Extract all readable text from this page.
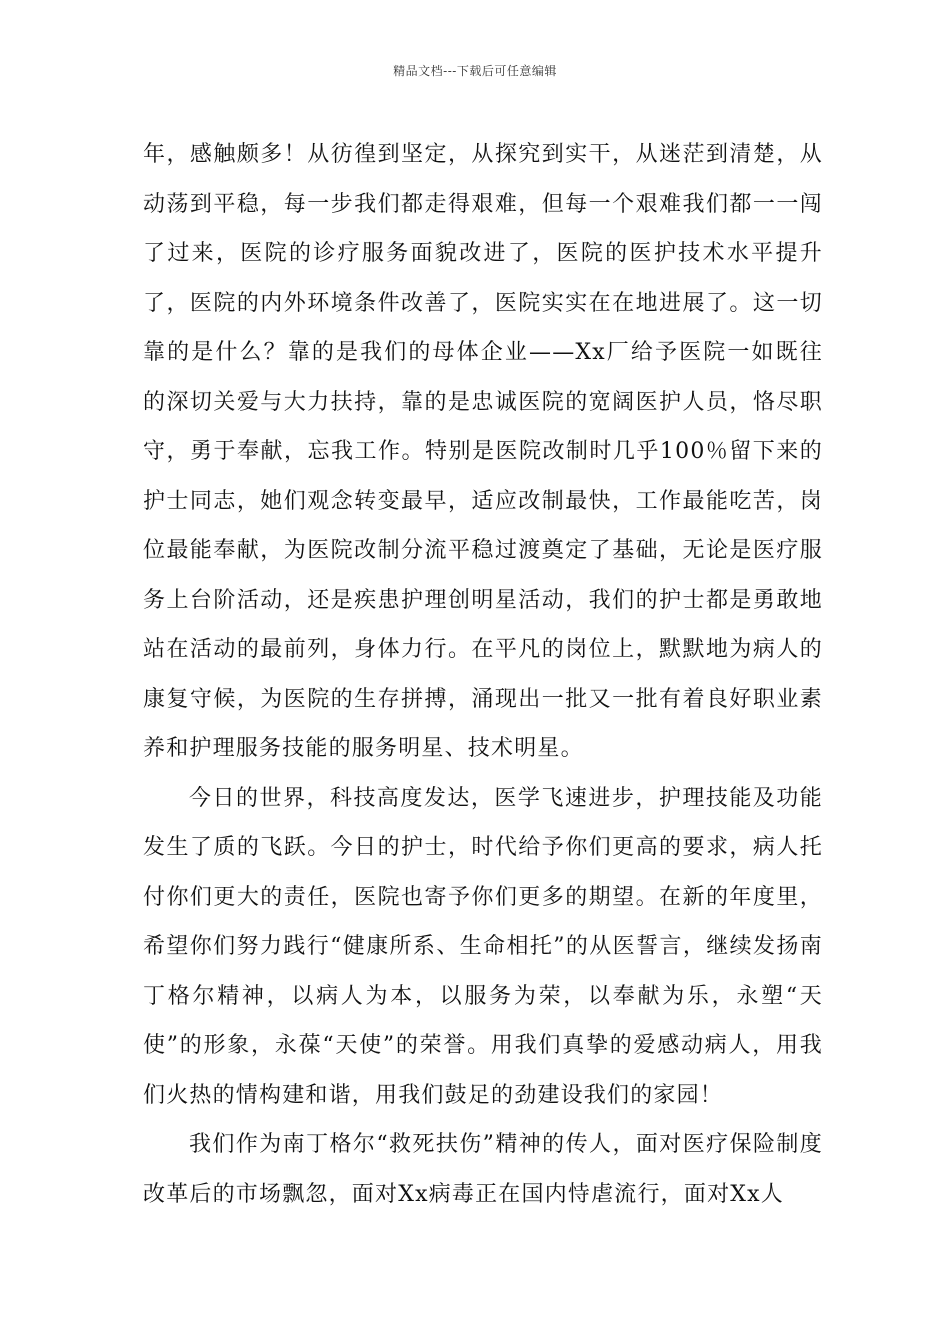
精品文档---下载后可任意编辑

年，感触颇多！从彷徨到坚定，从探究到实干，从迷茫到清楚，从动荡到平稳，每一步我们都走得艰难，但每一个艰难我们都一一闯了过来，医院的诊疗服务面貌改进了，医院的医护技术水平提升了，医院的内外环境条件改善了，医院实实在在地进展了。这一切靠的是什么？靠的是我们的母体企业——Xx厂给予医院一如既往的深切关爱与大力扶持，靠的是忠诚医院的宽阔医护人员，恪尽职守，勇于奉献，忘我工作。特别是医院改制时几乎100％留下来的护士同志，她们观念转变最早，适应改制最快，工作最能吃苦，岗位最能奉献，为医院改制分流平稳过渡奠定了基础，无论是医疗服务上台阶活动，还是疾患护理创明星活动，我们的护士都是勇敢地站在活动的最前列，身体力行。在平凡的岗位上，默默地为病人的康复守候，为医院的生存拼搏，涌现出一批又一批有着良好职业素养和护理服务技能的服务明星、技术明星。

今日的世界，科技高度发达，医学飞速进步，护理技能及功能发生了质的飞跃。今日的护士，时代给予你们更高的要求，病人托付你们更大的责任，医院也寄予你们更多的期望。在新的年度里，希望你们努力践行“健康所系、生命相托”的从医誓言，继续发扬南丁格尔精神，以病人为本，以服务为荣，以奉献为乐，永塑“天使”的形象，永葆“天使”的荣誉。用我们真挚的爱感动病人，用我们火热的情构建和谐，用我们鼓足的劲建设我们的家园！

我们作为南丁格尔“救死扶伤”精神的传人，面对医疗保险制度改革后的市场飘忽，面对Xx病毒正在国内恃虐流行，面对Xx人
